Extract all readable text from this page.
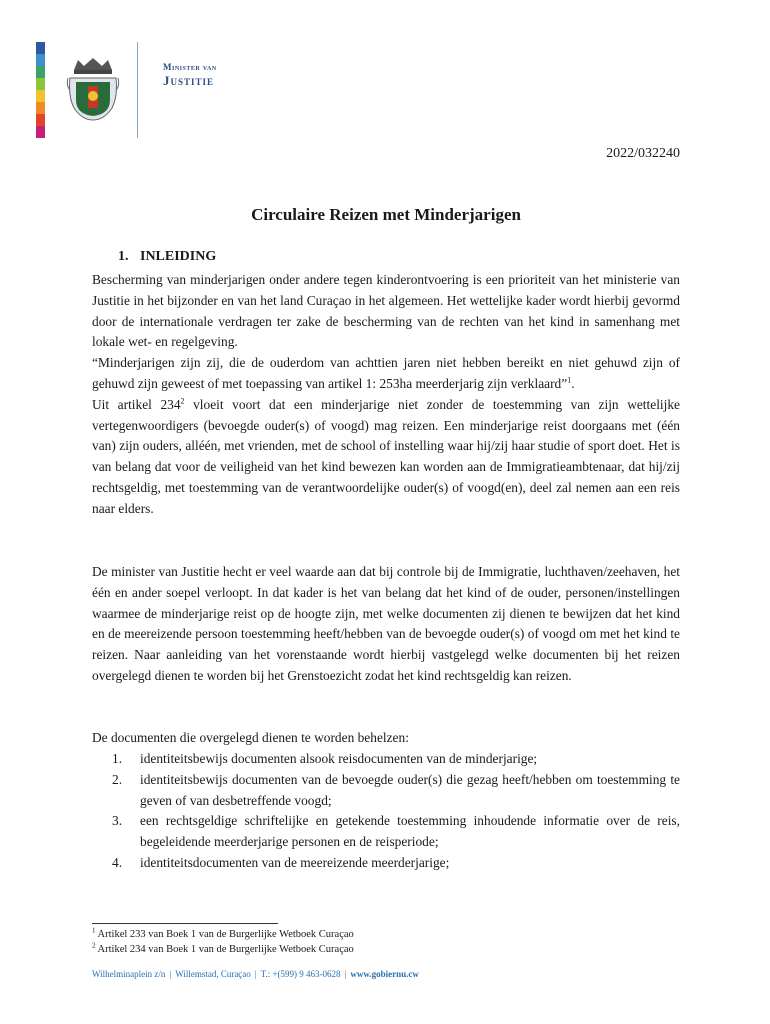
Minister van
Justitie
2022/032240
Circulaire Reizen met Minderjarigen
1. INLEIDING

Bescherming van minderjarigen onder andere tegen kinderontvoering is een prioriteit van het ministerie van Justitie in het bijzonder en van het land Curaçao in het algemeen. Het wettelijke kader wordt hierbij gevormd door de internationale verdragen ter zake de bescherming van de rechten van het kind in samenhang met lokale wet- en regelgeving.

“Minderjarigen zijn zij, die de ouderdom van achttien jaren niet hebben bereikt en niet gehuwd zijn of gehuwd zijn geweest of met toepassing van artikel 1: 253ha meerderjarig zijn verklaard”$^1$.

Uit artikel $234^2$ vloeit voort dat een minderjarige niet zonder de toestemming van zijn wettelijke vertegenwoordigers (bevoegde ouder(s) of voogd) mag reizen. Een minderjarige reist doorgaans met (één van) zijn ouders, alléén, met vrienden, met de school of instelling waar hij/zij haar studie of sport doet. Het is van belang dat voor de veiligheid van het kind bewezen kan worden aan de Immigratieambtenaar, dat hij/zij rechtsgeldig, met toestemming van de verantwoordelijke ouder(s) of voogd(en), deel zal nemen aan een reis naar elders.

De minister van Justitie hecht er veel waarde aan dat bij controle bij de Immigratie, luchthaven/zeehaven, het één en ander soepel verloopt. In dat kader is het van belang dat het kind of de ouder, personen/instellingen waarmee de minderjarige reist op de hoogte zijn, met welke documenten zij dienen te bewijzen dat het kind en de meereizende persoon toestemming heeft/hebben van de bevoegde ouder(s) of voogd om met het kind te reizen. Naar aanleiding van het vorenstaande wordt hierbij vastgelegd welke documenten bij het reizen overgelegd dienen te worden bij het Grenstoezicht zodat het kind rechtsgeldig kan reizen.

De documenten die overgelegd dienen te worden behelzen:

1. identiteitsbewijs documenten alsook reisdocumenten van de minderjarige;
2. identiteitsbewijs documenten van de bevoegde ouder(s) die gezag heeft/hebben om toestemming te geven of van desbetreffende voogd;
3. een rechtsgeldige schriftelijke en getekende toestemming inhoudende informatie over de reis, begeleidende meerderjarige personen en de reisperiode;
4. identiteitsdocumenten van de meereizende meerderjarige;
$^1$ Artikel 233 van Boek 1 van de Burgerlijke Wetboek Curaçao
$^2$ Artikel 234 van Boek 1 van de Burgerlijke Wetboek Curaçao
Wilhelminaplein z/n | Willemstad, Curaçao | T.: +(599) 9 463-0628 | www.gobiernu.cw
